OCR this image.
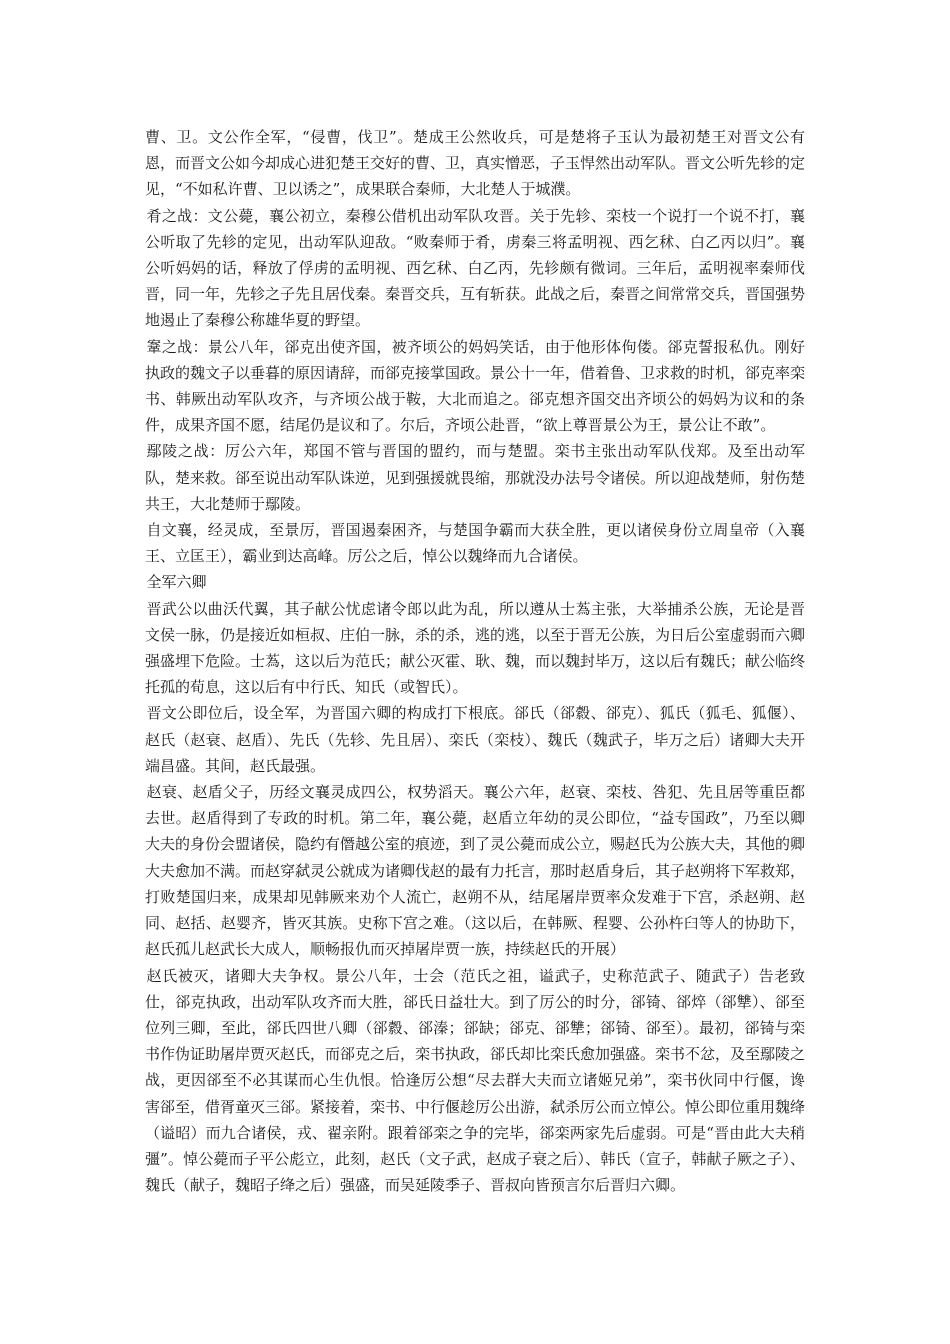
曹、卫。文公作全军，“侵曹，伐卫”。楚成王公然收兵，可是楚将子玉认为最初楚王对晋文公有恩，而晋文公如今却成心进犯楚王交好的曹、卫，真实憎恶，子玉悍然出动军队。晋文公听先轸的定见，“不如私许曹、卫以诱之”，成果联合秦师，大北楚人于城濮。

肴之战：文公薨，襄公初立，秦穆公借机出动军队攻晋。关于先轸、栾枝一个说打一个说不打，襄公听取了先轸的定见，出动军队迎敌。“败秦师于肴，虏秦三将孟明视、西乞秫、白乙丙以归”。襄公听妈妈的话，释放了俘虏的孟明视、西乞秫、白乙丙，先轸颇有微词。三年后，孟明视率秦师伐晋，同一年，先轸之子先且居伐秦。秦晋交兵，互有斩获。此战之后，秦晋之间常常交兵，晋国强势地遏止了秦穆公称雄华夏的野望。

鞌之战：景公八年，郤克出使齐国，被齐顷公的妈妈笑话，由于他形体佝偻。郤克誓报私仇。刚好执政的魏文子以垂暮的原因请辞，而郤克接掌国政。景公十一年，借着鲁、卫求救的时机，郤克率栾书、韩厥出动军队攻齐，与齐顷公战于鞍，大北而追之。郤克想齐国交出齐顷公的妈妈为议和的条件，成果齐国不愿，结尾仍是议和了。尔后，齐顷公赴晋，“欲上尊晋景公为王，景公让不敢”。

鄢陵之战：厉公六年，郑国不管与晋国的盟约，而与楚盟。栾书主张出动军队伐郑。及至出动军队，楚来救。郤至说出动军队诛逆，见到强援就畏缩，那就没办法号令诸侯。所以迎战楚师，射伤楚共王，大北楚师于鄢陵。

自文襄，经灵成，至景厉，晋国遏秦困齐，与楚国争霸而大获全胜，更以诸侯身份立周皇帝（入襄王、立匡王），霸业到达高峰。厉公之后，悼公以魏绛而九合诸侯。

全军六卿

晋武公以曲沃代翼，其子献公忧虑诸令郎以此为乱，所以遵从士蒍主张，大举捕杀公族，无论是晋文侯一脉，仍是接近如桓叔、庄伯一脉，杀的杀，逃的逃，以至于晋无公族，为日后公室虚弱而六卿强盛埋下危险。士蒍，这以后为范氏；献公灭霍、耿、魏，而以魏封毕万，这以后有魏氏；献公临终托孤的荀息，这以后有中行氏、知氏（或智氏）。

晋文公即位后，设全军，为晋国六卿的构成打下根底。郤氏（郤縠、郤克）、狐氏（狐毛、狐偃）、赵氏（赵衰、赵盾）、先氏（先轸、先且居）、栾氏（栾枝）、魏氏（魏武子，毕万之后）诸卿大夫开端昌盛。其间，赵氏最强。

赵衰、赵盾父子，历经文襄灵成四公，权势滔天。襄公六年，赵衰、栾枝、咎犯、先且居等重臣都去世。赵盾得到了专政的时机。第二年，襄公薨，赵盾立年幼的灵公即位，“益专国政”，乃至以卿大夫的身份会盟诸侯，隐约有僭越公室的痕迹，到了灵公薨而成公立，赐赵氏为公族大夫，其他的卿大夫愈加不满。而赵穿弑灵公就成为诸卿伐赵的最有力托言，那时赵盾身后，其子赵朔将下军救郑，打败楚国归来，成果却见韩厥来劝个人流亡，赵朔不从，结尾屠岸贾率众发难于下宫，杀赵朔、赵同、赵括、赵婴齐，皆灭其族。史称下宫之难。（这以后，在韩厥、程婴、公孙杵臼等人的协助下，赵氏孤儿赵武长大成人，顺畅报仇而灭掉屠岸贾一族，持续赵氏的开展）

赵氏被灭，诸卿大夫争权。景公八年，士会（范氏之祖，谥武子，史称范武子、随武子）告老致仕，郤克执政，出动军队攻齐而大胜，郤氏日益壮大。到了厉公的时分，郤锜、郤焠（郤犨）、郤至位列三卿，至此，郤氏四世八卿（郤縠、郤溱；郤缺；郤克、郤犨；郤锜、郤至）。最初，郤锜与栾书作伪证助屠岸贾灭赵氏，而郤克之后，栾书执政，郤氏却比栾氏愈加强盛。栾书不忿，及至鄢陵之战，更因郤至不必其谋而心生仇恨。恰逢厉公想“尽去群大夫而立诸姬兄弟”，栾书伙同中行偃，谗害郤至，借胥童灭三郤。紧接着，栾书、中行偃趁厉公出游，弑杀厉公而立悼公。悼公即位重用魏绛（谥昭）而九合诸侯，戎、翟亲附。跟着郤栾之争的完毕，郤栾两家先后虚弱。可是“晋由此大夫稍彊”。悼公薨而子平公彪立，此刻，赵氏（文子武，赵成子衰之后）、韩氏（宣子，韩献子厥之子）、魏氏（献子，魏昭子绛之后）强盛，而吴延陵季子、晋叔向皆预言尔后晋归六卿。
